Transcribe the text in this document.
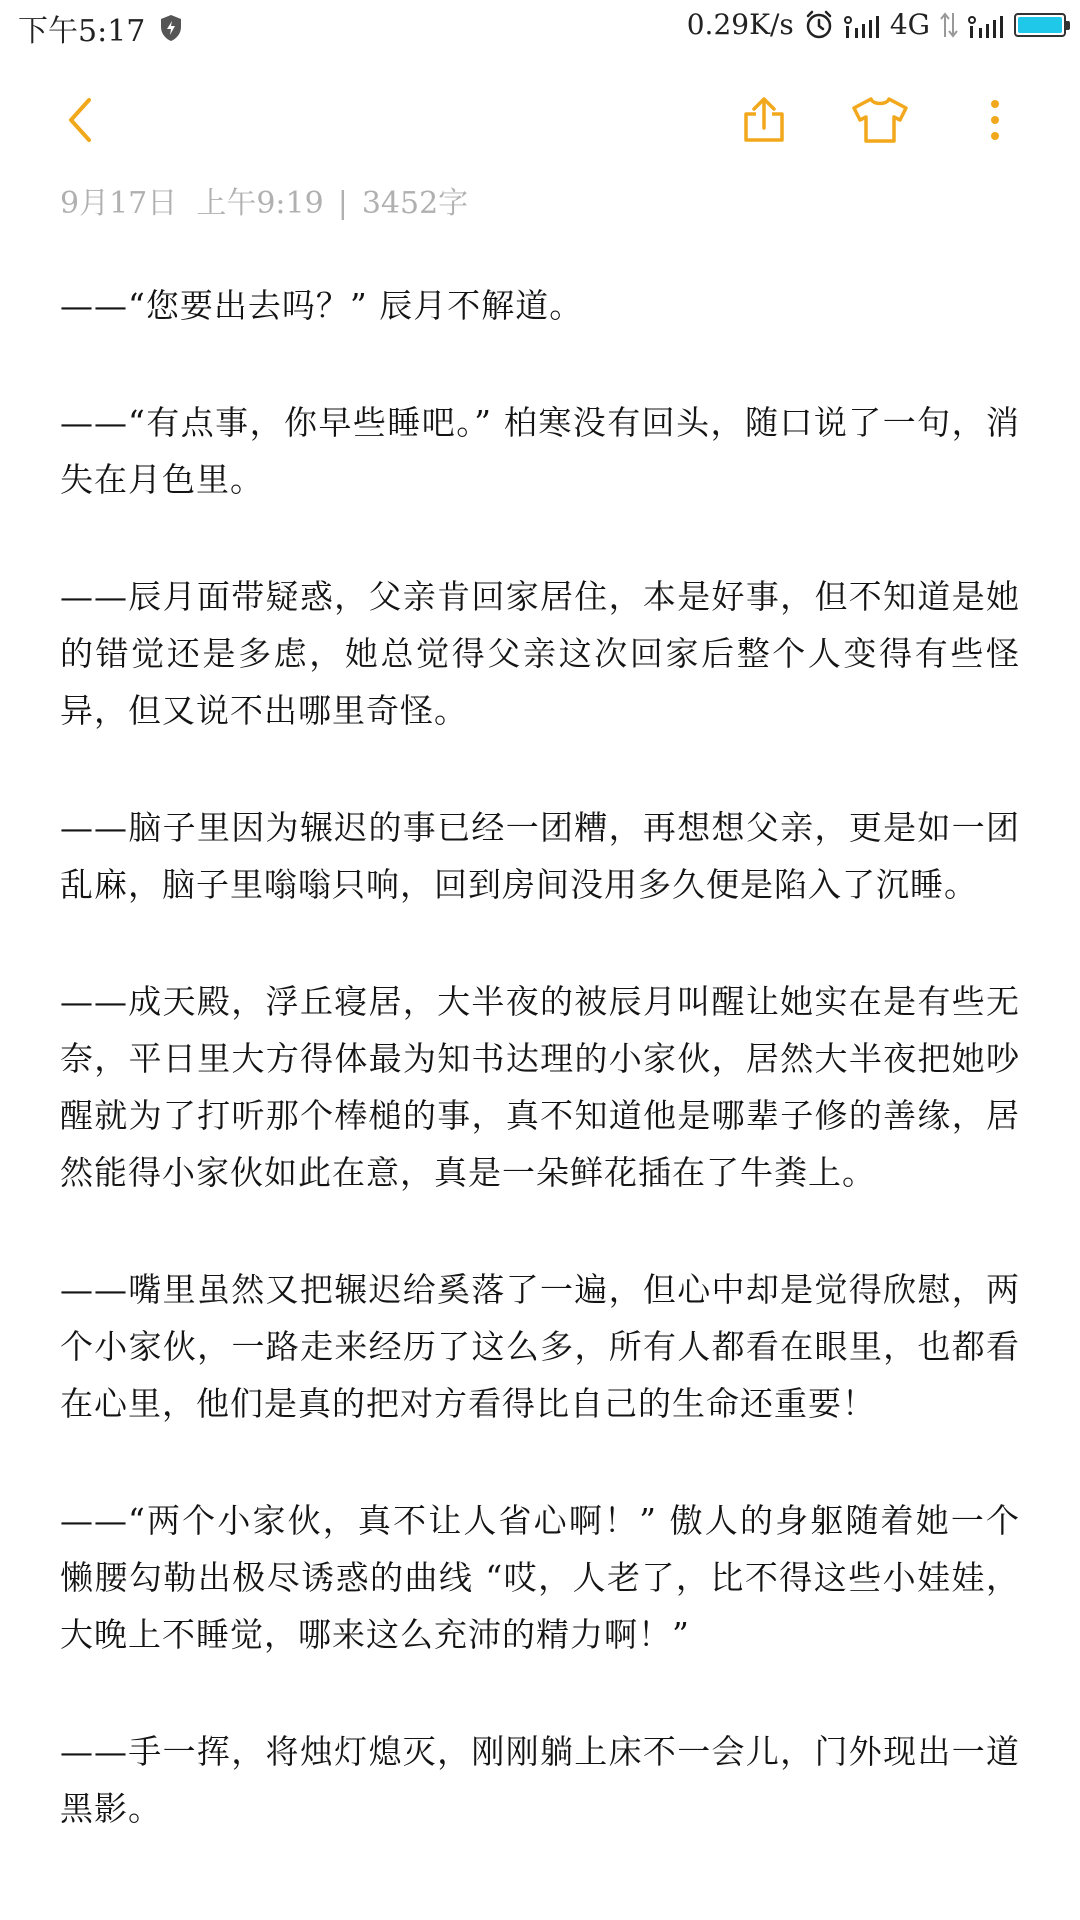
下午5:17	0.29K/s	4G
9月17日 上午9:19 | 3452字

——“您要出去吗？” 辰月不解道。

——“有点事，你早些睡吧。” 柏寒没有回头，随口说了一句，消失在月色里。

——辰月面带疑惑，父亲肯回家居住，本是好事，但不知道是她的错觉还是多虑，她总觉得父亲这次回家后整个人变得有些怪异，但又说不出哪里奇怪。

——脑子里因为辗迟的事已经一团糟，再想想父亲，更是如一团乱麻，脑子里嗡嗡只响，回到房间没用多久便是陷入了沉睡。

——成天殿，浮丘寝居，大半夜的被辰月叫醒让她实在是有些无奈，平日里大方得体最为知书达理的小家伙，居然大半夜把她吵醒就为了打听那个棒槌的事，真不知道他是哪辈子修的善缘，居然能得小家伙如此在意，真是一朵鲜花插在了牛粪上。

——嘴里虽然又把辗迟给奚落了一遍，但心中却是觉得欣慰，两个小家伙，一路走来经历了这么多，所有人都看在眼里，也都看在心里，他们是真的把对方看得比自己的生命还重要！

——“两个小家伙，真不让人省心啊！” 傲人的身躯随着她一个懒腰勾勒出极尽诱惑的曲线 “哎，人老了，比不得这些小娃娃，大晚上不睡觉，哪来这么充沛的精力啊！”

——手一挥，将烛灯熄灭，刚刚躺上床不一会儿，门外现出一道黑影。
